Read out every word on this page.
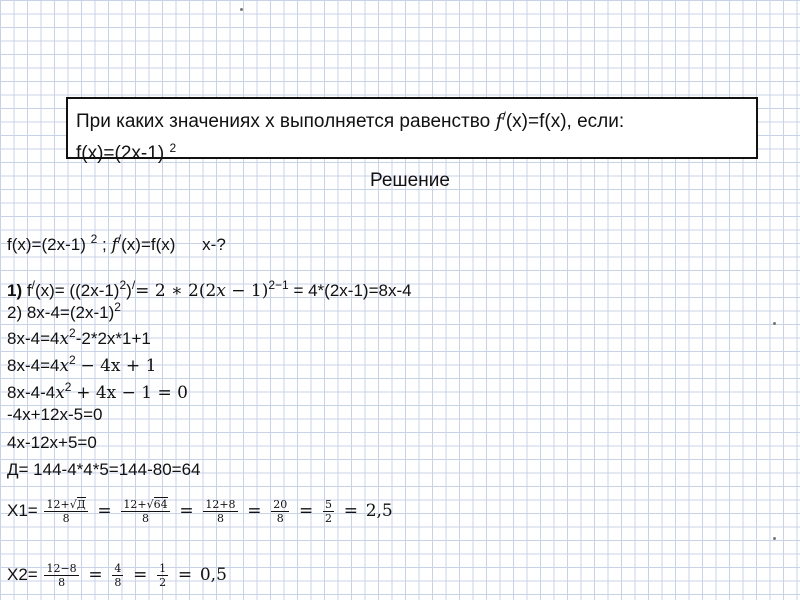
При каких значениях x выполняется равенство f/(x)=f(x), если:
f(x)=(2x-1) $^2$
Решение
f(x)=(2x-1) $^2$ ; f/(x)=f(x) x-?
1) $f^/(x)= ((2x-1)^2)^/= 2$ ∗ 2(2𝑥 − 1)$^{2-1}$ = 4*(2x-1)=8x-4
2) $8x-4=(2x-1)^2$
8x-4=4𝑥$^2$-2*2x*1+1
8x-4=4𝑥$^2$ − 4x + 1
8x-4-4𝑥$^2$ + 4x − 1 = 0
-4x+12x-5=0
4x-12x+5=0
Д= 144-4*4*5=144-80=64
$X1= \frac{12+√Д}{8} = \frac{12+√64}{8} = \frac{12+8}{8} = \frac{20}{8} = \frac{5}{2} = 2,5$
$X2= \frac{12-8}{8} = \frac{4}{8} = \frac{1}{2} = 0,5$
